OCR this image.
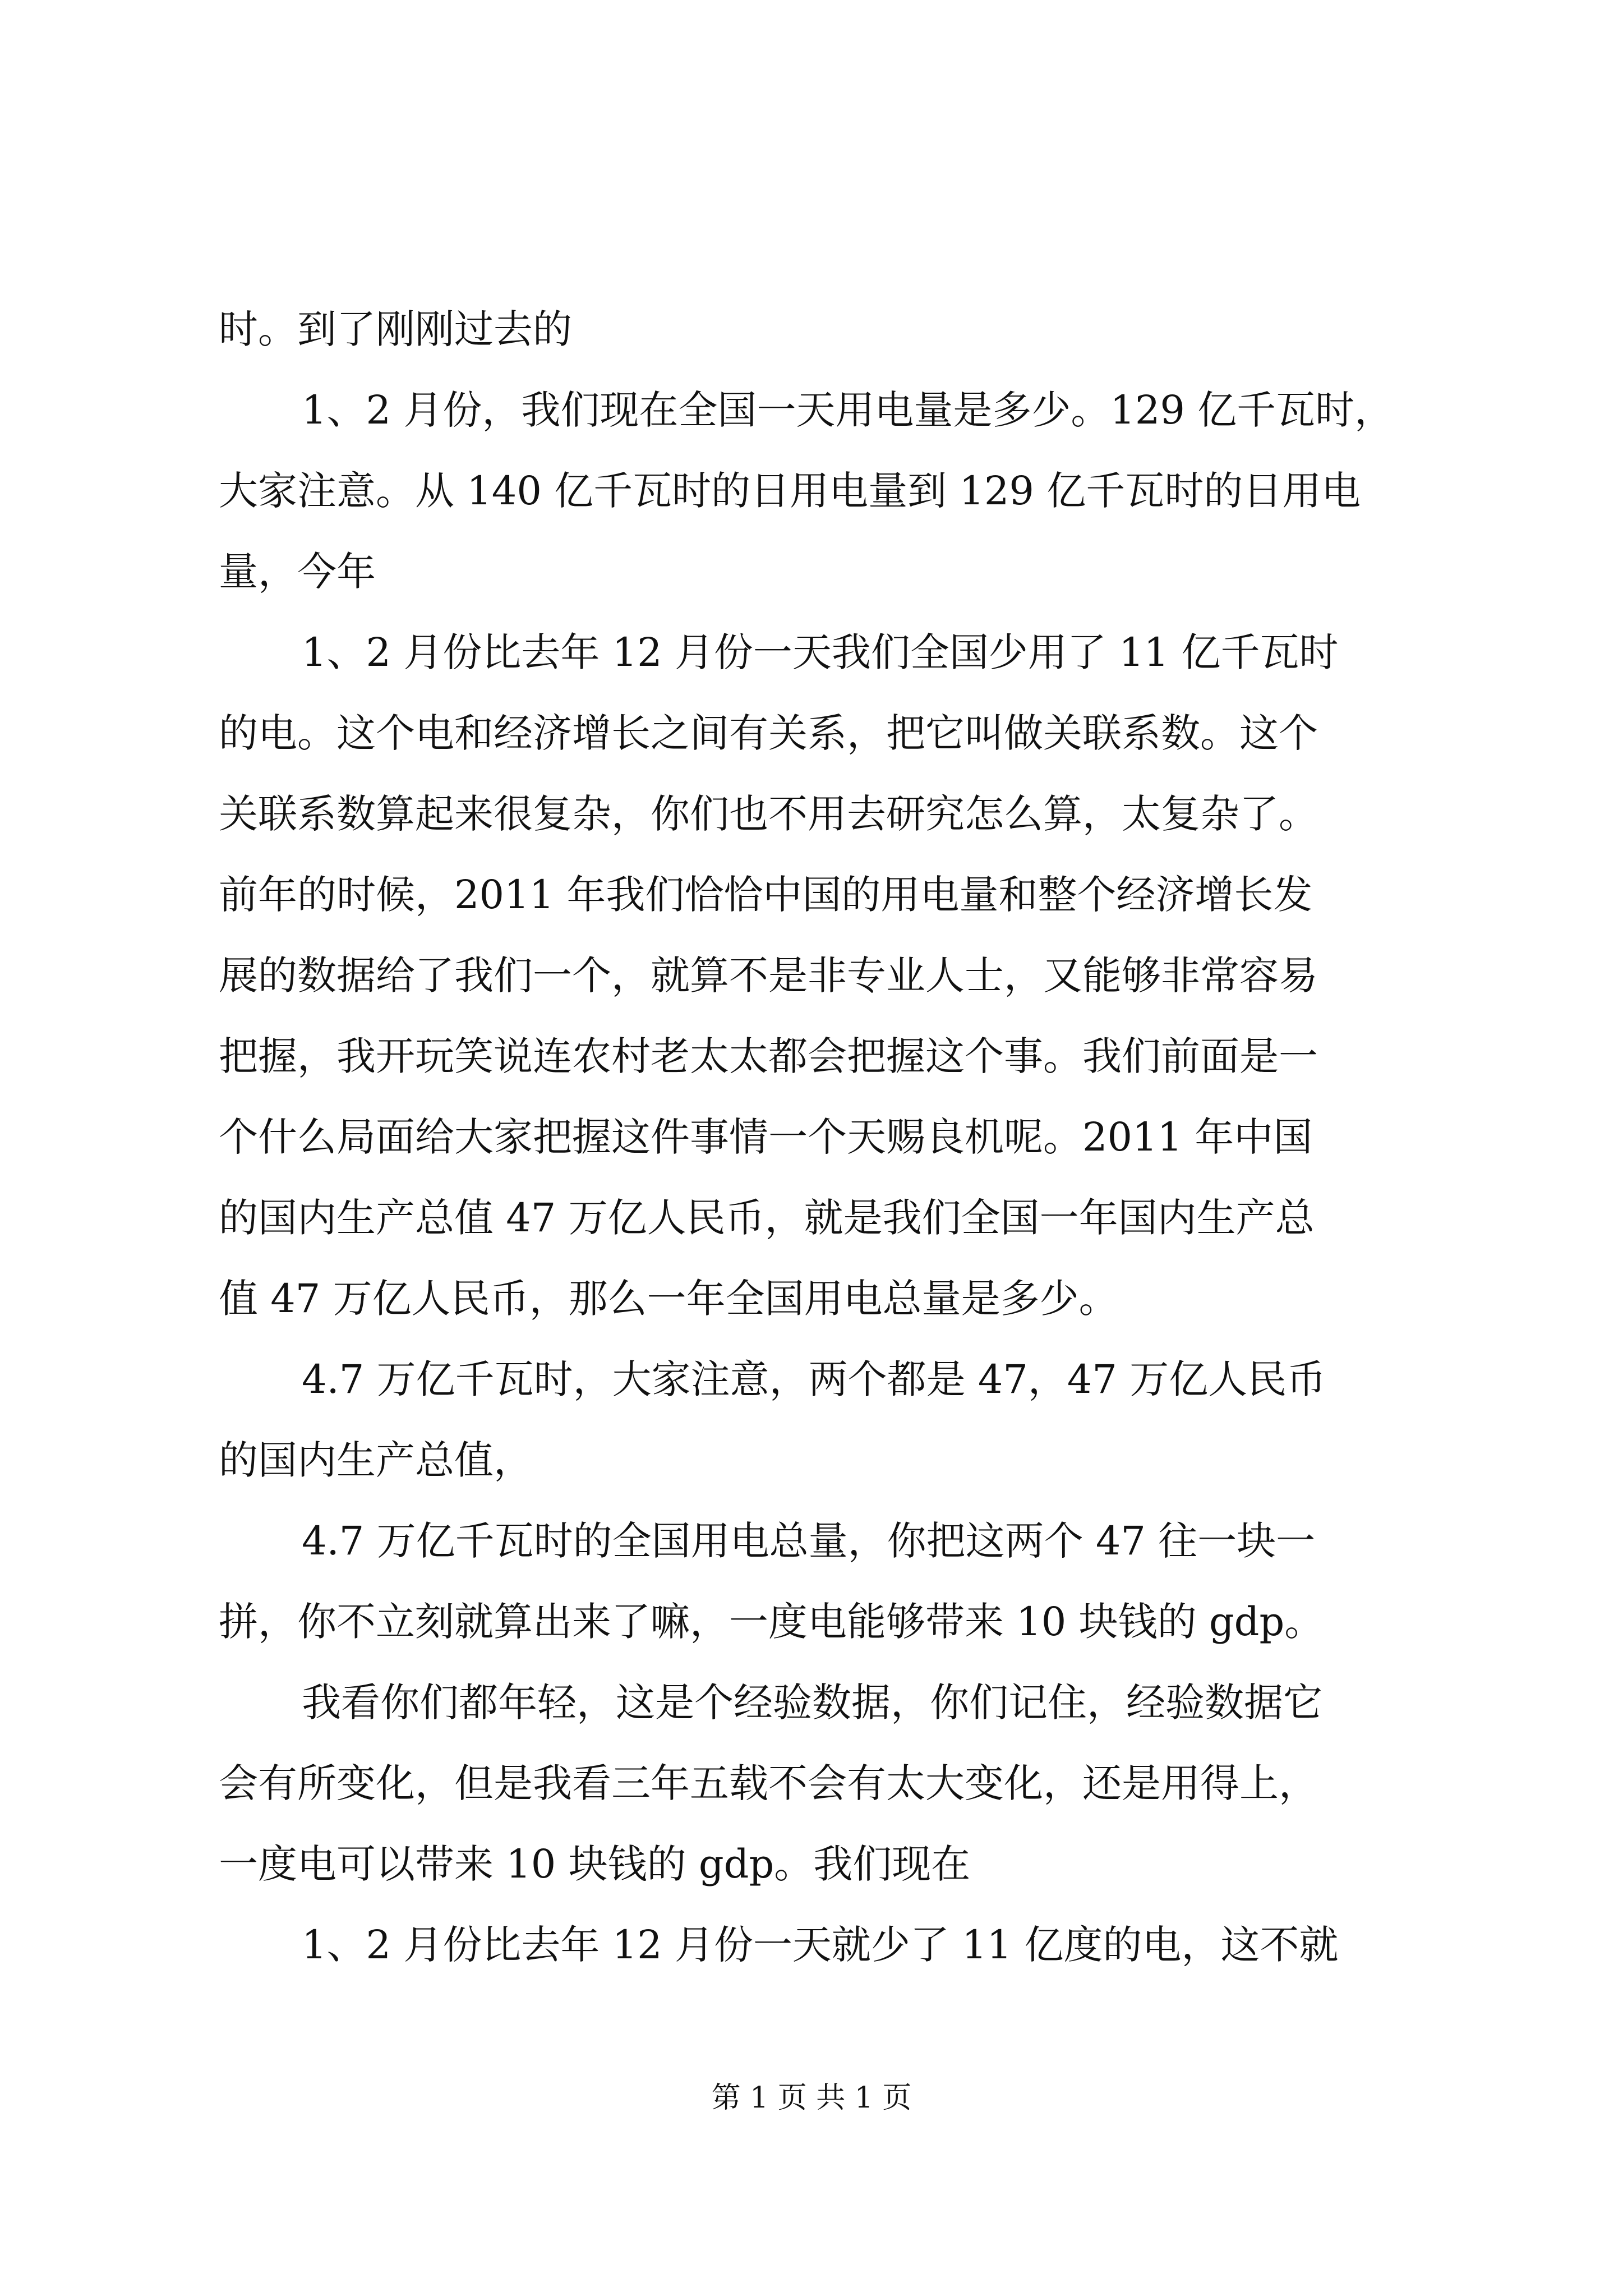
时。到了刚刚过去的
1、2 月份，我们现在全国一天用电量是多少。129 亿千瓦时，
大家注意。从 140 亿千瓦时的日用电量到 129 亿千瓦时的日用电
量，今年
1、2 月份比去年 12 月份一天我们全国少用了 11 亿千瓦时
的电。这个电和经济增长之间有关系，把它叫做关联系数。这个
关联系数算起来很复杂，你们也不用去研究怎么算，太复杂了。
前年的时候，2011 年我们恰恰中国的用电量和整个经济增长发
展的数据给了我们一个，就算不是非专业人士，又能够非常容易
把握，我开玩笑说连农村老太太都会把握这个事。我们前面是一
个什么局面给大家把握这件事情一个天赐良机呢。2011 年中国
的国内生产总值 47 万亿人民币，就是我们全国一年国内生产总
值 47 万亿人民币，那么一年全国用电总量是多少。
4.7 万亿千瓦时，大家注意，两个都是 47，47 万亿人民币
的国内生产总值，
4.7 万亿千瓦时的全国用电总量，你把这两个 47 往一块一
拼，你不立刻就算出来了嘛，一度电能够带来 10 块钱的 gdp。
我看你们都年轻，这是个经验数据，你们记住，经验数据它
会有所变化，但是我看三年五载不会有太大变化，还是用得上，
一度电可以带来 10 块钱的 gdp。我们现在
1、2 月份比去年 12 月份一天就少了 11 亿度的电，这不就
第 1 页 共 1 页
